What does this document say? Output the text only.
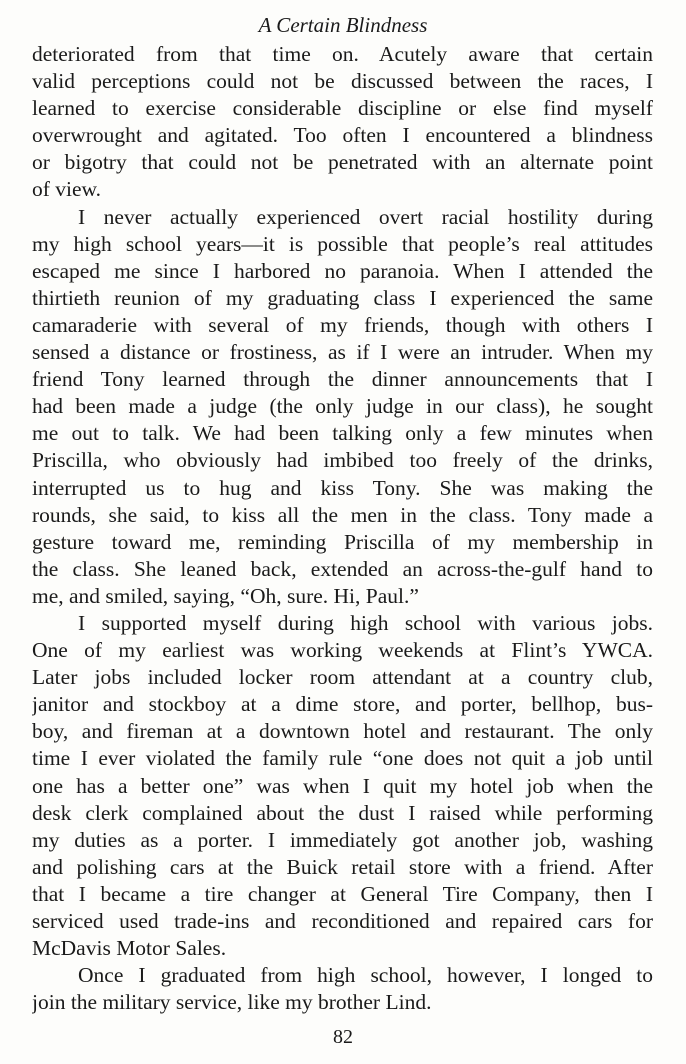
A Certain Blindness
deteriorated from that time on. Acutely aware that certain
valid perceptions could not be discussed between the races, I
learned to exercise considerable discipline or else find myself
overwrought and agitated. Too often I encountered a blindness
or bigotry that could not be penetrated with an alternate point
of view.
I never actually experienced overt racial hostility during
my high school years—it is possible that people’s real attitudes
escaped me since I harbored no paranoia. When I attended the
thirtieth reunion of my graduating class I experienced the same
camaraderie with several of my friends, though with others I
sensed a distance or frostiness, as if I were an intruder. When my
friend Tony learned through the dinner announcements that I
had been made a judge (the only judge in our class), he sought
me out to talk. We had been talking only a few minutes when
Priscilla, who obviously had imbibed too freely of the drinks,
interrupted us to hug and kiss Tony. She was making the
rounds, she said, to kiss all the men in the class. Tony made a
gesture toward me, reminding Priscilla of my membership in
the class. She leaned back, extended an across-the-gulf hand to
me, and smiled, saying, “Oh, sure. Hi, Paul.”
I supported myself during high school with various jobs.
One of my earliest was working weekends at Flint’s YWCA.
Later jobs included locker room attendant at a country club,
janitor and stockboy at a dime store, and porter, bellhop, bus-
boy, and fireman at a downtown hotel and restaurant. The only
time I ever violated the family rule “one does not quit a job until
one has a better one” was when I quit my hotel job when the
desk clerk complained about the dust I raised while performing
my duties as a porter. I immediately got another job, washing
and polishing cars at the Buick retail store with a friend. After
that I became a tire changer at General Tire Company, then I
serviced used trade-ins and reconditioned and repaired cars for
McDavis Motor Sales.
Once I graduated from high school, however, I longed to
join the military service, like my brother Lind.
82
